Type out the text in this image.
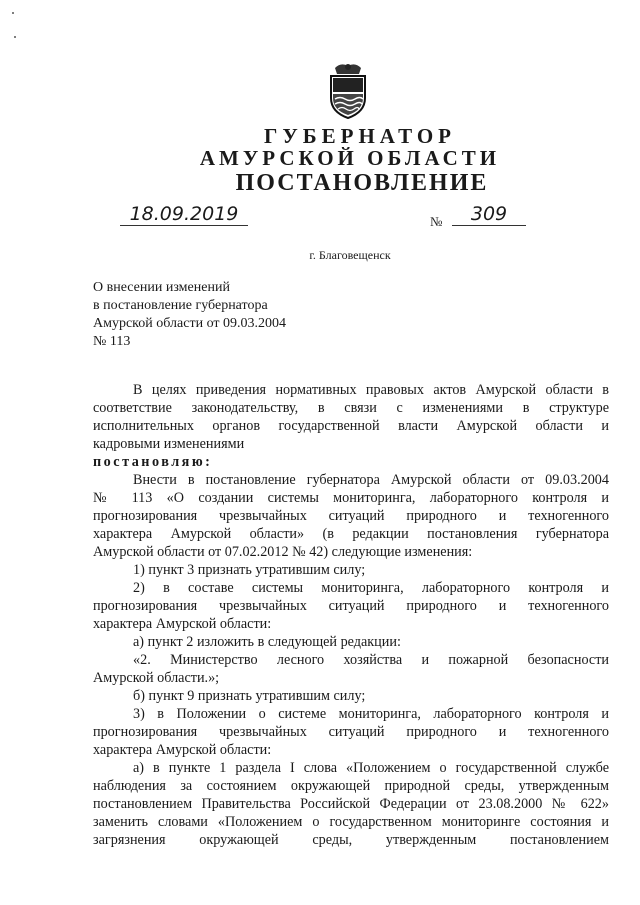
ГУБЕРНАТОР
АМУРСКОЙ ОБЛАСТИ
ПОСТАНОВЛЕНИЕ
18.09.2019	№	309
г. Благовещенск
О внесении изменений
в постановление губернатора
Амурской области от 09.03.2004
№ 113
В целях приведения нормативных правовых актов Амурской области в
соответствие законодательству, в связи с изменениями в структуре
исполнительных органов государственной власти Амурской области и
кадровыми изменениями
постановляю:
Внести в постановление губернатора Амурской области от 09.03.2004
№ 113 «О создании системы мониторинга, лабораторного контроля и
прогнозирования чрезвычайных ситуаций природного и техногенного
характера Амурской области» (в редакции постановления губернатора
Амурской области от 07.02.2012 № 42) следующие изменения:
1) пункт 3 признать утратившим силу;
2) в составе системы мониторинга, лабораторного контроля и
прогнозирования чрезвычайных ситуаций природного и техногенного
характера Амурской области:
а) пункт 2 изложить в следующей редакции:
«2. Министерство лесного хозяйства и пожарной безопасности
Амурской области.»;
б) пункт 9 признать утратившим силу;
3) в Положении о системе мониторинга, лабораторного контроля и
прогнозирования чрезвычайных ситуаций природного и техногенного
характера Амурской области:
а) в пункте 1 раздела I слова «Положением о государственной службе
наблюдения за состоянием окружающей природной среды, утвержденным
постановлением Правительства Российской Федерации от 23.08.2000 № 622»
заменить словами «Положением о государственном мониторинге состояния и
загрязнения окружающей среды, утвержденным постановлением
